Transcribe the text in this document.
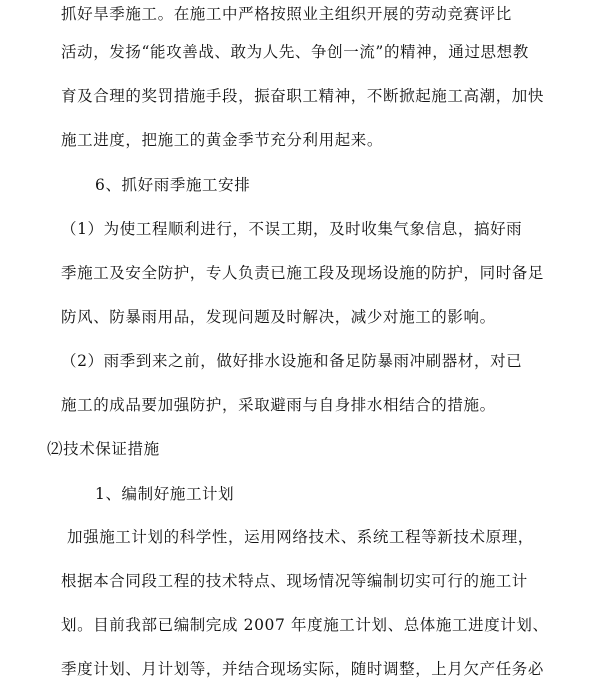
抓好旱季施工。在施工中严格按照业主组织开展的劳动竞赛评比
活动，发扬“能攻善战、敢为人先、争创一流”的精神，通过思想教
育及合理的奖罚措施手段，振奋职工精神，不断掀起施工高潮，加快
施工进度，把施工的黄金季节充分利用起来。
6、抓好雨季施工安排
（1）为使工程顺利进行，不误工期，及时收集气象信息，搞好雨
季施工及安全防护，专人负责已施工段及现场设施的防护，同时备足
防风、防暴雨用品，发现问题及时解决，减少对施工的影响。
（2）雨季到来之前，做好排水设施和备足防暴雨冲刷器材，对已
施工的成品要加强防护，采取避雨与自身排水相结合的措施。
⑵技术保证措施
1、编制好施工计划
加强施工计划的科学性，运用网络技术、系统工程等新技术原理，
根据本合同段工程的技术特点、现场情况等编制切实可行的施工计
划。目前我部已编制完成 2007 年度施工计划、总体施工进度计划、
季度计划、月计划等，并结合现场实际，随时调整，上月欠产任务必
